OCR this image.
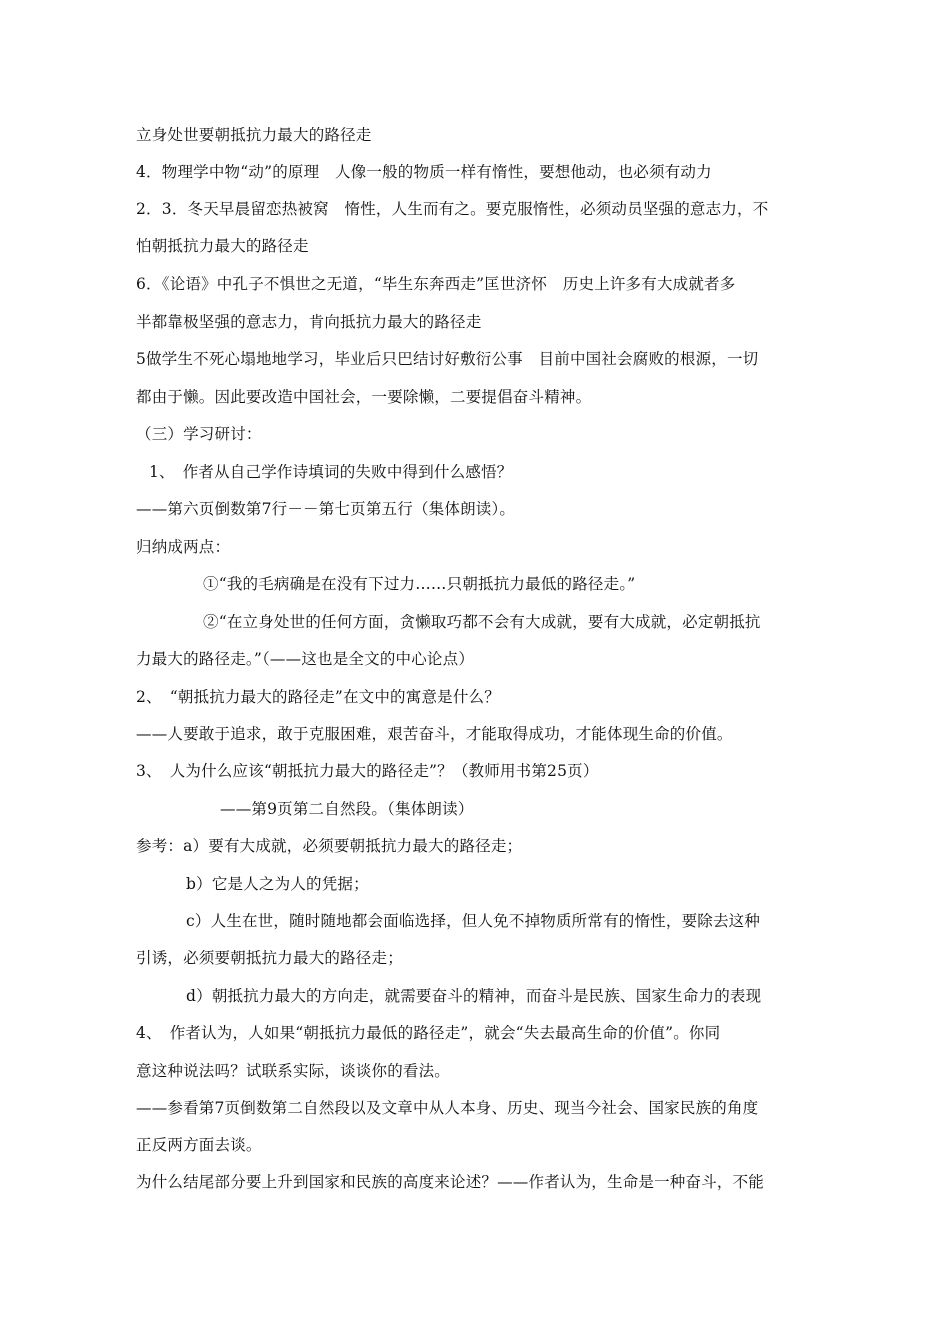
立身处世要朝抵抗力最大的路径走
4．物理学中物“动”的原理　人像一般的物质一样有惰性，要想他动，也必须有动力
2．3．冬天早晨留恋热被窝　惰性，人生而有之。要克服惰性，必须动员坚强的意志力，不
怕朝抵抗力最大的路径走
6．《论语》中孔子不惧世之无道，“毕生东奔西走”匡世济怀　历史上许多有大成就者多
半都靠极坚强的意志力，肯向抵抗力最大的路径走
5做学生不死心塌地地学习，毕业后只巴结讨好敷衍公事　目前中国社会腐败的根源，一切
都由于懒。因此要改造中国社会，一要除懒，二要提倡奋斗精神。
（三）学习研讨：
1、　作者从自己学作诗填词的失败中得到什么感悟？
——第六页倒数第7行－－第七页第五行（集体朗读）。
归纳成两点：
①“我的毛病确是在没有下过力……只朝抵抗力最低的路径走。”
②“在立身处世的任何方面，贪懒取巧都不会有大成就，要有大成就，必定朝抵抗
力最大的路径走。”（——这也是全文的中心论点）
2、　“朝抵抗力最大的路径走”在文中的寓意是什么？
——人要敢于追求，敢于克服困难，艰苦奋斗，才能取得成功，才能体现生命的价值。
3、　人为什么应该“朝抵抗力最大的路径走”？（教师用书第25页）
——第9页第二自然段。（集体朗读）
参考：a）要有大成就，必须要朝抵抗力最大的路径走；
b）它是人之为人的凭据；
c）人生在世，随时随地都会面临选择，但人免不掉物质所常有的惰性，要除去这种
引诱，必须要朝抵抗力最大的路径走；
d）朝抵抗力最大的方向走，就需要奋斗的精神，而奋斗是民族、国家生命力的表现
4、　作者认为，人如果“朝抵抗力最低的路径走”，就会“失去最高生命的价值”。你同
意这种说法吗？试联系实际，谈谈你的看法。
——参看第7页倒数第二自然段以及文章中从人本身、历史、现当今社会、国家民族的角度
正反两方面去谈。
为什么结尾部分要上升到国家和民族的高度来论述？——作者认为，生命是一种奋斗，不能
